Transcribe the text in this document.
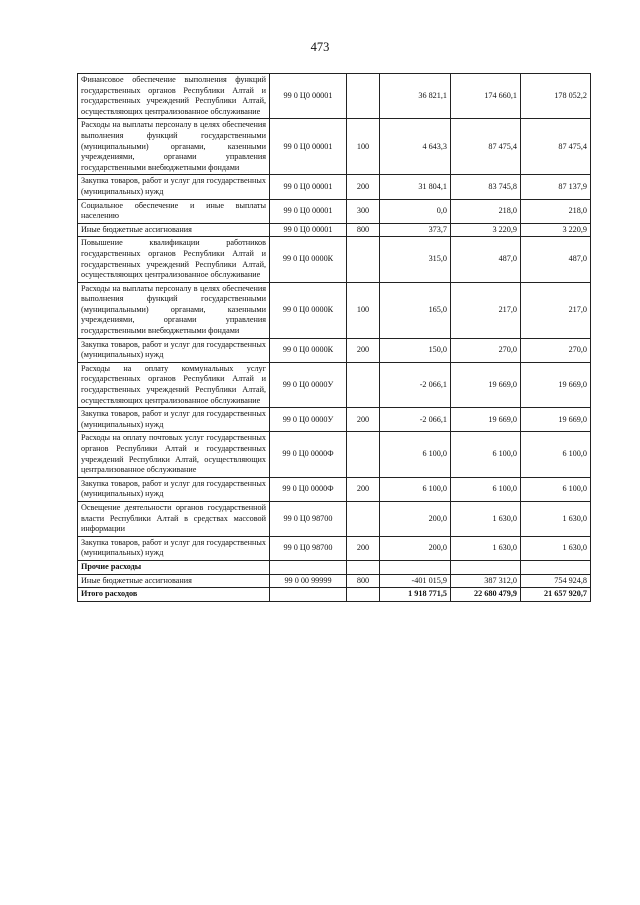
473
Финансовое обеспечение выполнения функций государственных органов Республики Алтай и государственных учреждений Республики Алтай, осуществляющих централизованное обслуживание	99 0 Ц0 00001		36 821,1	174 660,1	178 052,2
Расходы на выплаты персоналу в целях обеспечения выполнения функций государственными (муниципальными) органами, казенными учреждениями, органами управления государственными внебюджетными фондами	99 0 Ц0 00001	100	4 643,3	87 475,4	87 475,4
Закупка товаров, работ и услуг для государственных (муниципальных) нужд	99 0 Ц0 00001	200	31 804,1	83 745,8	87 137,9
Социальное обеспечение и иные выплаты населению	99 0 Ц0 00001	300	0,0	218,0	218,0
Иные бюджетные ассигнования	99 0 Ц0 00001	800	373,7	3 220,9	3 220,9
Повышение квалификации работников государственных органов Республики Алтай и государственных учреждений Республики Алтай, осуществляющих централизованное обслуживание	99 0 Ц0 0000К		315,0	487,0	487,0
Расходы на выплаты персоналу в целях обеспечения выполнения функций государственными (муниципальными) органами, казенными учреждениями, органами управления государственными внебюджетными фондами	99 0 Ц0 0000К	100	165,0	217,0	217,0
Закупка товаров, работ и услуг для государственных (муниципальных) нужд	99 0 Ц0 0000К	200	150,0	270,0	270,0
Расходы на оплату коммунальных услуг государственных органов Республики Алтай и государственных учреждений Республики Алтай, осуществляющих централизованное обслуживание	99 0 Ц0 0000У		-2 066,1	19 669,0	19 669,0
Закупка товаров, работ и услуг для государственных (муниципальных) нужд	99 0 Ц0 0000У	200	-2 066,1	19 669,0	19 669,0
Расходы на оплату почтовых услуг государственных органов Республики Алтай и государственных учреждений Республики Алтай, осуществляющих централизованное обслуживание	99 0 Ц0 0000Ф		6 100,0	6 100,0	6 100,0
Закупка товаров, работ и услуг для государственных (муниципальных) нужд	99 0 Ц0 0000Ф	200	6 100,0	6 100,0	6 100,0
Освещение деятельности органов государственной власти Республики Алтай в средствах массовой информации	99 0 Ц0 98700		200,0	1 630,0	1 630,0
Закупка товаров, работ и услуг для государственных (муниципальных) нужд	99 0 Ц0 98700	200	200,0	1 630,0	1 630,0
Прочие расходы					
Иные бюджетные ассигнования	99 0 00 99999	800	-401 015,9	387 312,0	754 924,8
Итого расходов			1 918 771,5	22 680 479,9	21 657 920,7
